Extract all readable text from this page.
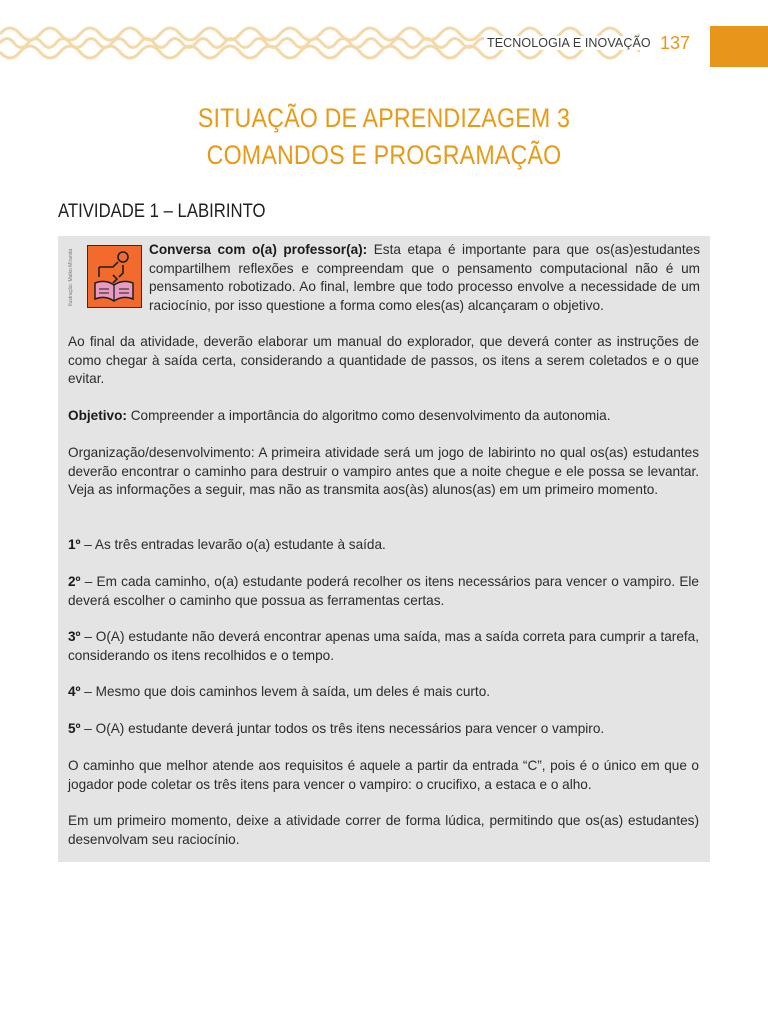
TECNOLOGIA E INOVAÇÃO 137
SITUAÇÃO DE APRENDIZAGEM 3
COMANDOS E PROGRAMAÇÃO
ATIVIDADE 1 – LABIRINTO
Ilustração: Malko Miranda	Conversa com o(a) professor(a): Esta etapa é importante para que os(as)estudantes compartilhem reflexões e compreendam que o pensamento computacional não é um pensamento robotizado. Ao final, lembre que todo processo envolve a necessidade de um raciocínio, por isso questione a forma como eles(as) alcançaram o objetivo.
Ao final da atividade, deverão elaborar um manual do explorador, que deverá conter as instruções de como chegar à saída certa, considerando a quantidade de passos, os itens a serem coletados e o que evitar.
Objetivo: Compreender a importância do algoritmo como desenvolvimento da autonomia.
Organização/desenvolvimento: A primeira atividade será um jogo de labirinto no qual os(as) estudantes deverão encontrar o caminho para destruir o vampiro antes que a noite chegue e ele possa se levantar. Veja as informações a seguir, mas não as transmita aos(às) alunos(as) em um primeiro momento.
1º – As três entradas levarão o(a) estudante à saída.
2º – Em cada caminho, o(a) estudante poderá recolher os itens necessários para vencer o vampiro. Ele deverá escolher o caminho que possua as ferramentas certas.
3º – O(A) estudante não deverá encontrar apenas uma saída, mas a saída correta para cumprir a tarefa, considerando os itens recolhidos e o tempo.
4º – Mesmo que dois caminhos levem à saída, um deles é mais curto.
5º – O(A) estudante deverá juntar todos os três itens necessários para vencer o vampiro.
O caminho que melhor atende aos requisitos é aquele a partir da entrada “C”, pois é o único em que o jogador pode coletar os três itens para vencer o vampiro: o crucifixo, a estaca e o alho.
Em um primeiro momento, deixe a atividade correr de forma lúdica, permitindo que os(as) estudantes) desenvolvam seu raciocínio.
